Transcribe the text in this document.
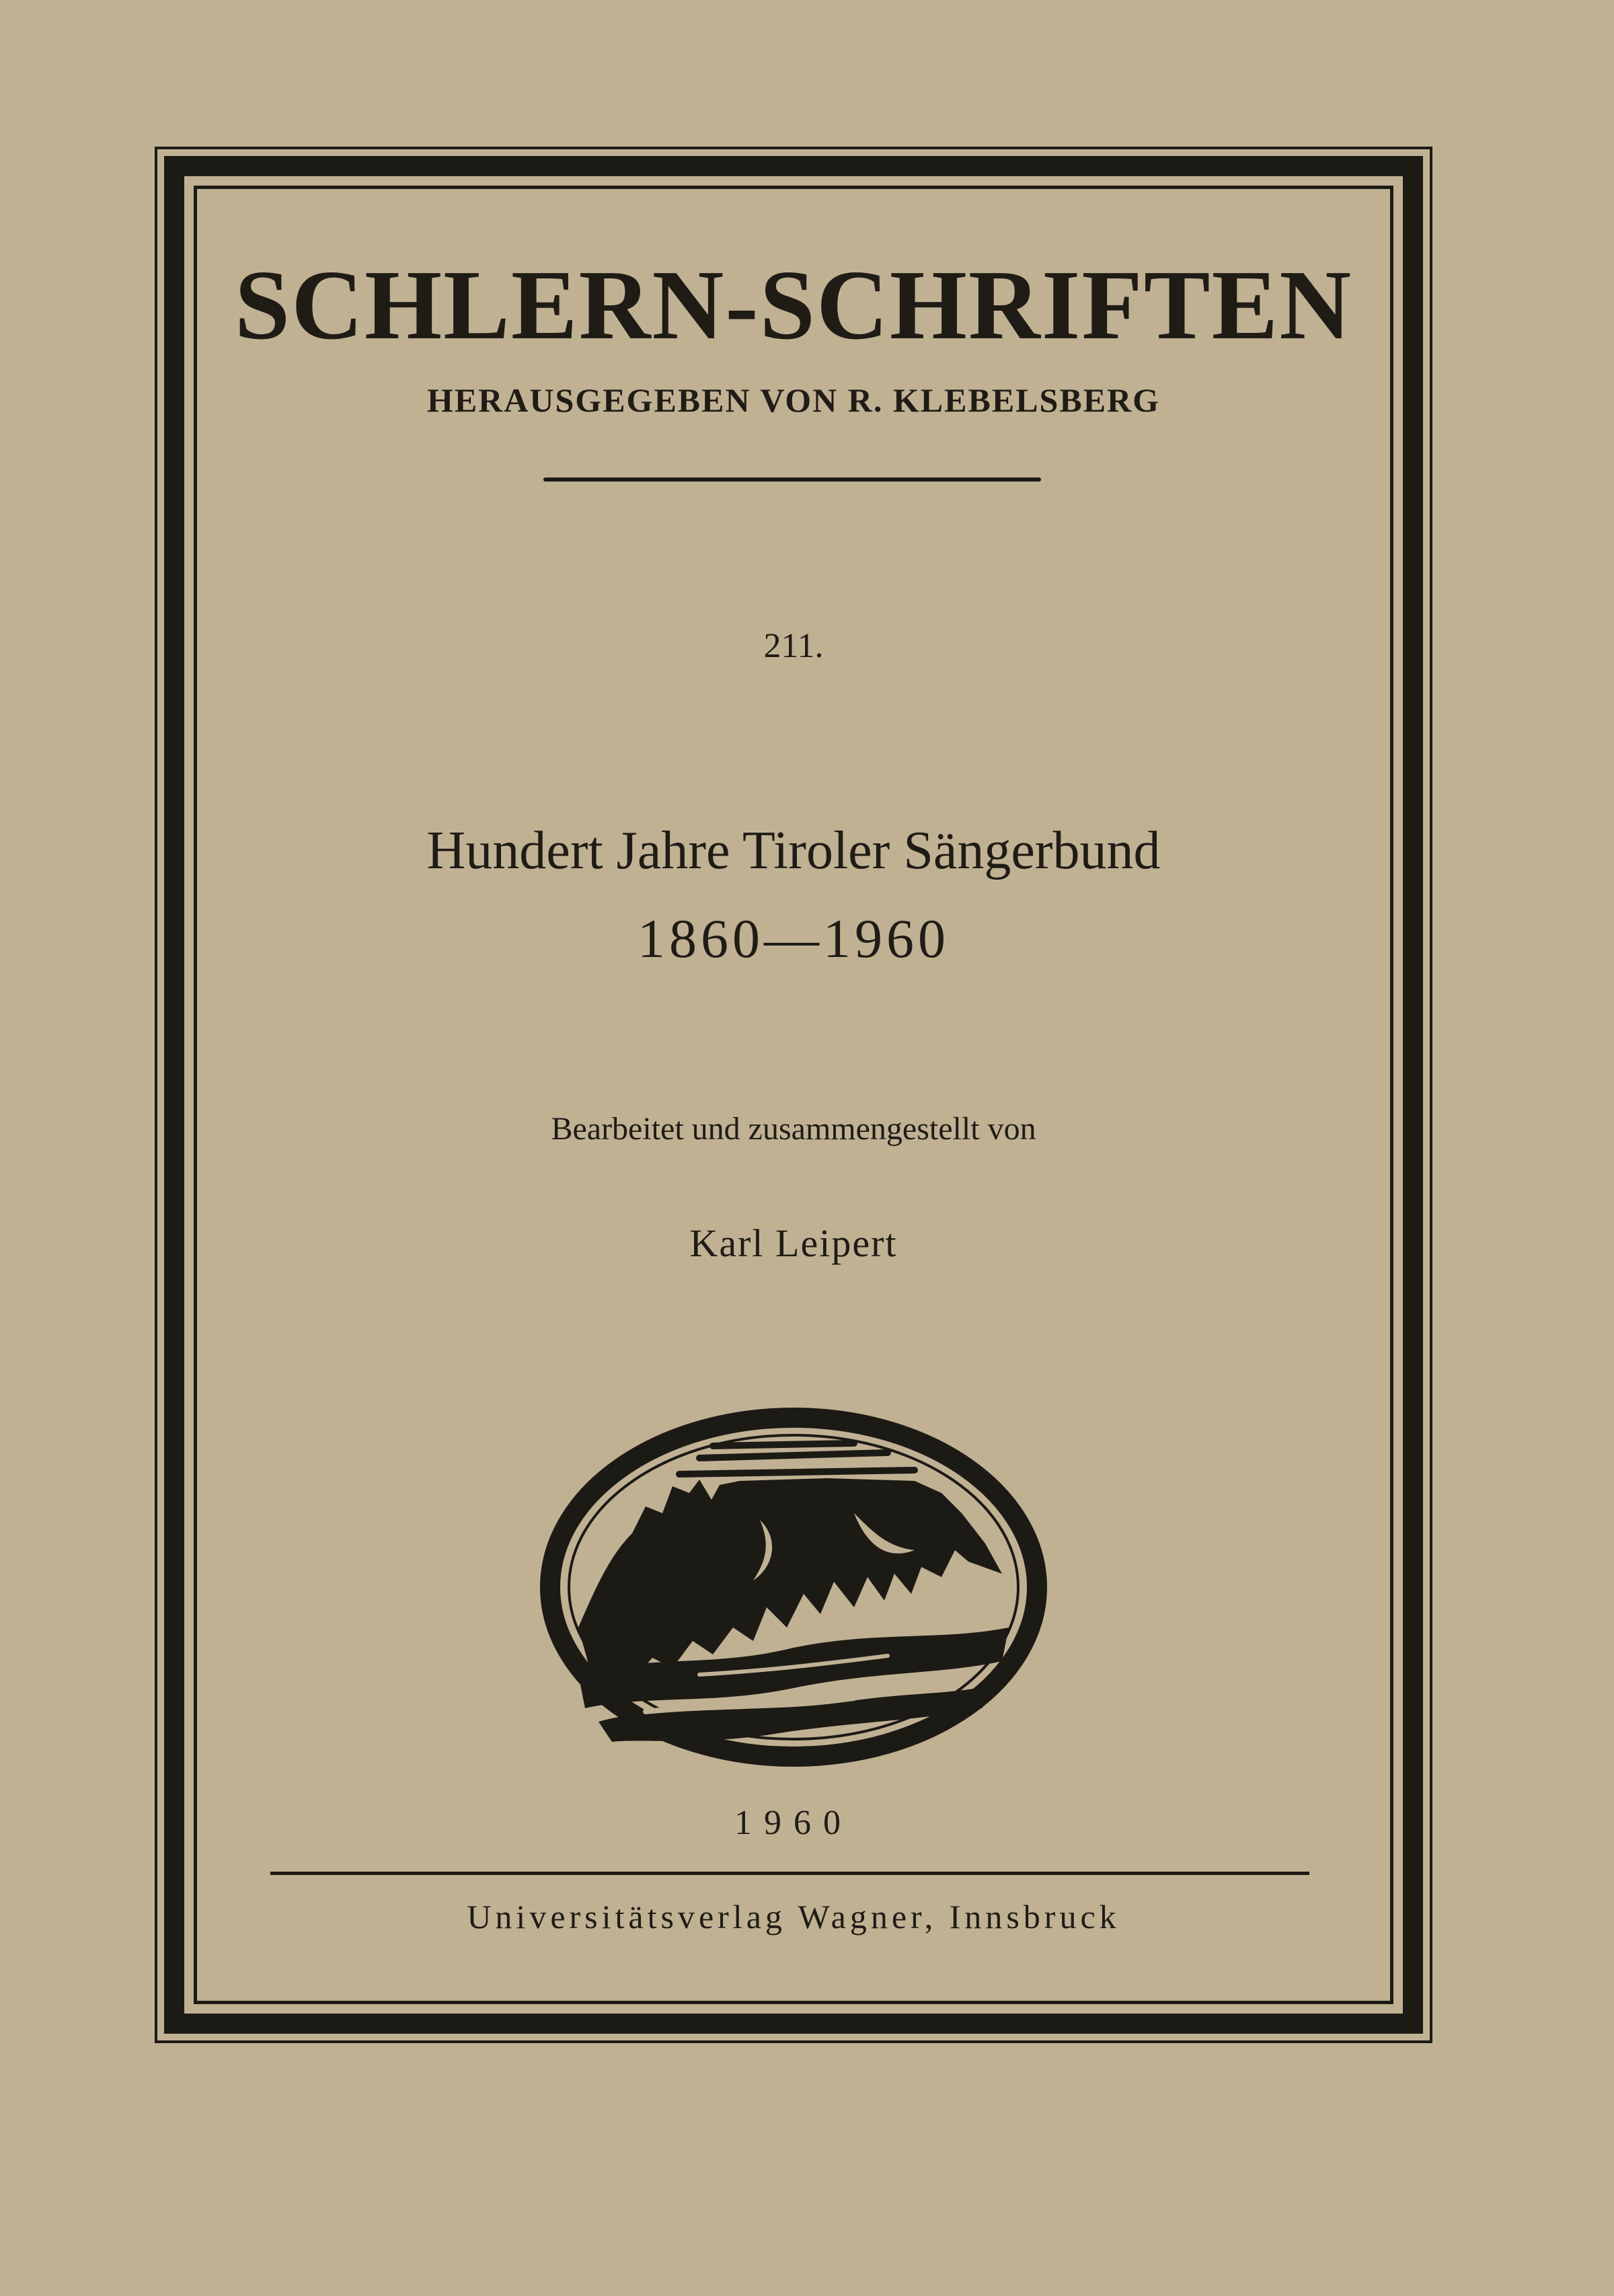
SCHLERN-SCHRIFTEN

HERAUSGEGEBEN VON R. KLEBELSBERG

211.

Hundert Jahre Tiroler Sängerbund

1860—1960

Bearbeitet und zusammengestellt von

Karl Leipert

1960

Universitätsverlag Wagner, Innsbruck
